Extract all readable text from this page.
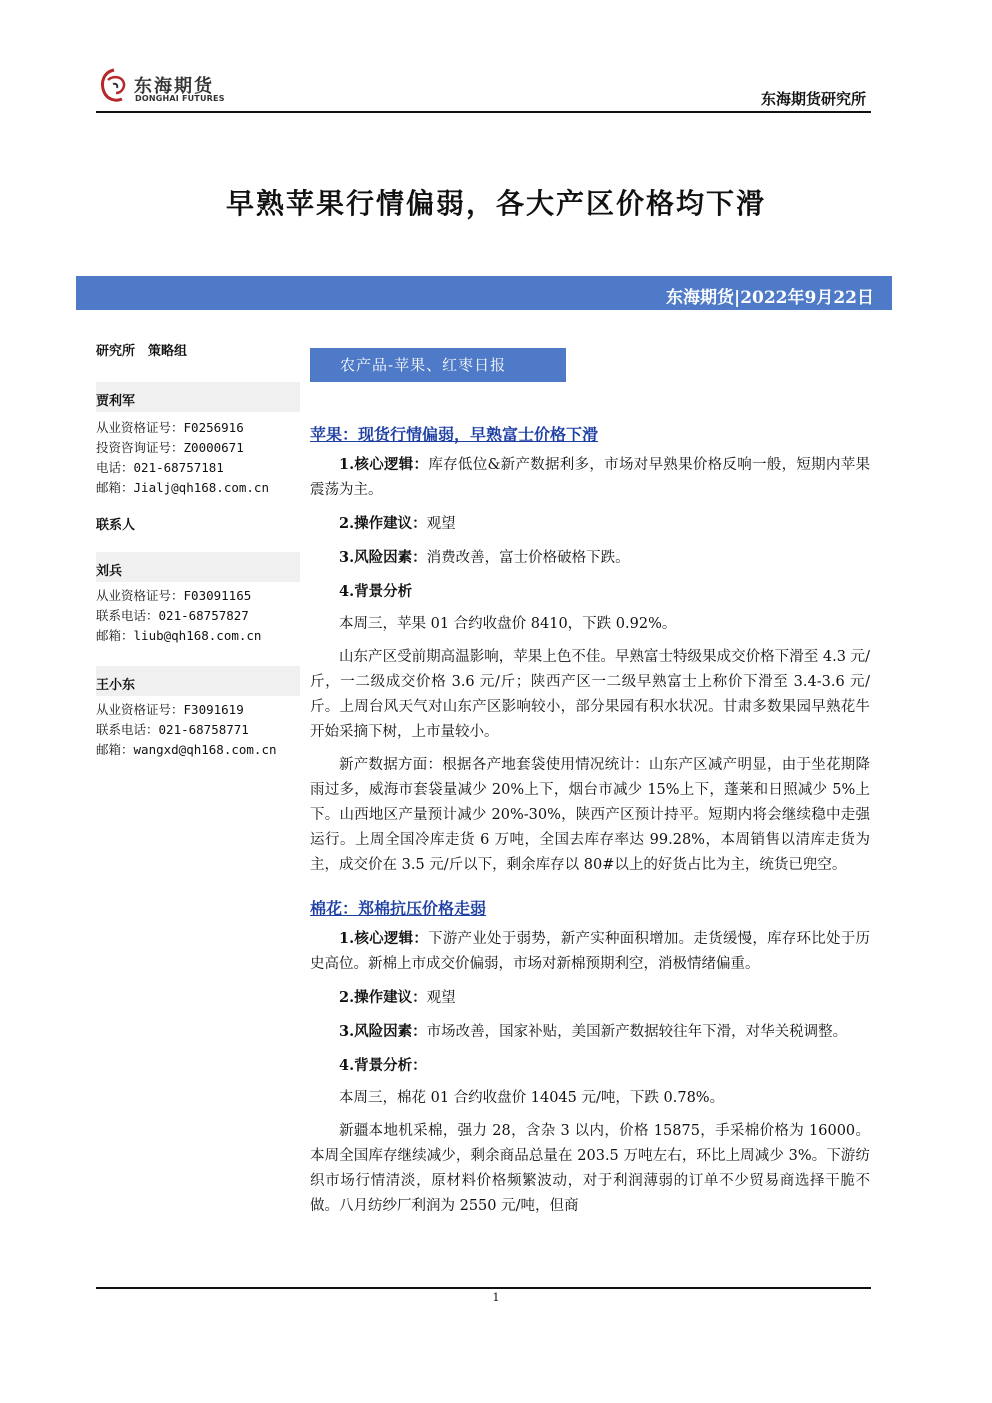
东海期货
DONGHAI FUTURES	东海期货研究所
早熟苹果行情偏弱，各大产区价格均下滑
东海期货|2022年9月22日
研究所　策略组
贾利军
从业资格证号：F0256916
投资咨询证号：Z0000671
电话：021-68757181
邮箱：Jialj@qh168.com.cn
联系人
刘兵
从业资格证号：F03091165
联系电话：021-68757827
邮箱：liub@qh168.com.cn
王小东
从业资格证号：F3091619
联系电话：021-68758771
邮箱：wangxd@qh168.com.cn
农产品-苹果、红枣日报
苹果：现货行情偏弱，早熟富士价格下滑

1.核心逻辑：库存低位&新产数据利多，市场对早熟果价格反响一般，短期内苹果震荡为主。

2.操作建议：观望

3.风险因素：消费改善，富士价格破格下跌。

4.背景分析

本周三，苹果 01 合约收盘价 8410，下跌 0.92%。

山东产区受前期高温影响，苹果上色不佳。早熟富士特级果成交价格下滑至 4.3 元/斤，一二级成交价格 3.6 元/斤；陕西产区一二级早熟富士上称价下滑至 3.4-3.6 元/斤。上周台风天气对山东产区影响较小，部分果园有积水状况。甘肃多数果园早熟花牛开始采摘下树，上市量较小。

新产数据方面：根据各产地套袋使用情况统计：山东产区减产明显，由于坐花期降雨过多，威海市套袋量减少 20%上下，烟台市减少 15%上下，蓬莱和日照减少 5%上下。山西地区产量预计减少 20%-30%，陕西产区预计持平。短期内将会继续稳中走强运行。上周全国冷库走货 6 万吨，全国去库存率达 99.28%，本周销售以清库走货为主，成交价在 3.5 元/斤以下，剩余库存以 80#以上的好货占比为主，统货已兜空。

棉花：郑棉抗压价格走弱

1.核心逻辑：下游产业处于弱势，新产实种面积增加。走货缓慢，库存环比处于历史高位。新棉上市成交价偏弱，市场对新棉预期利空，消极情绪偏重。

2.操作建议：观望

3.风险因素：市场改善，国家补贴，美国新产数据较往年下滑，对华关税调整。

4.背景分析：

本周三，棉花 01 合约收盘价 14045 元/吨，下跌 0.78%。

新疆本地机采棉，强力 28，含杂 3 以内，价格 15875，手采棉价格为 16000。本周全国库存继续减少，剩余商品总量在 203.5 万吨左右，环比上周减少 3%。下游纺织市场行情清淡，原材料价格频繁波动，对于利润薄弱的订单不少贸易商选择干脆不做。八月纺纱厂利润为 2550 元/吨，但商

1
